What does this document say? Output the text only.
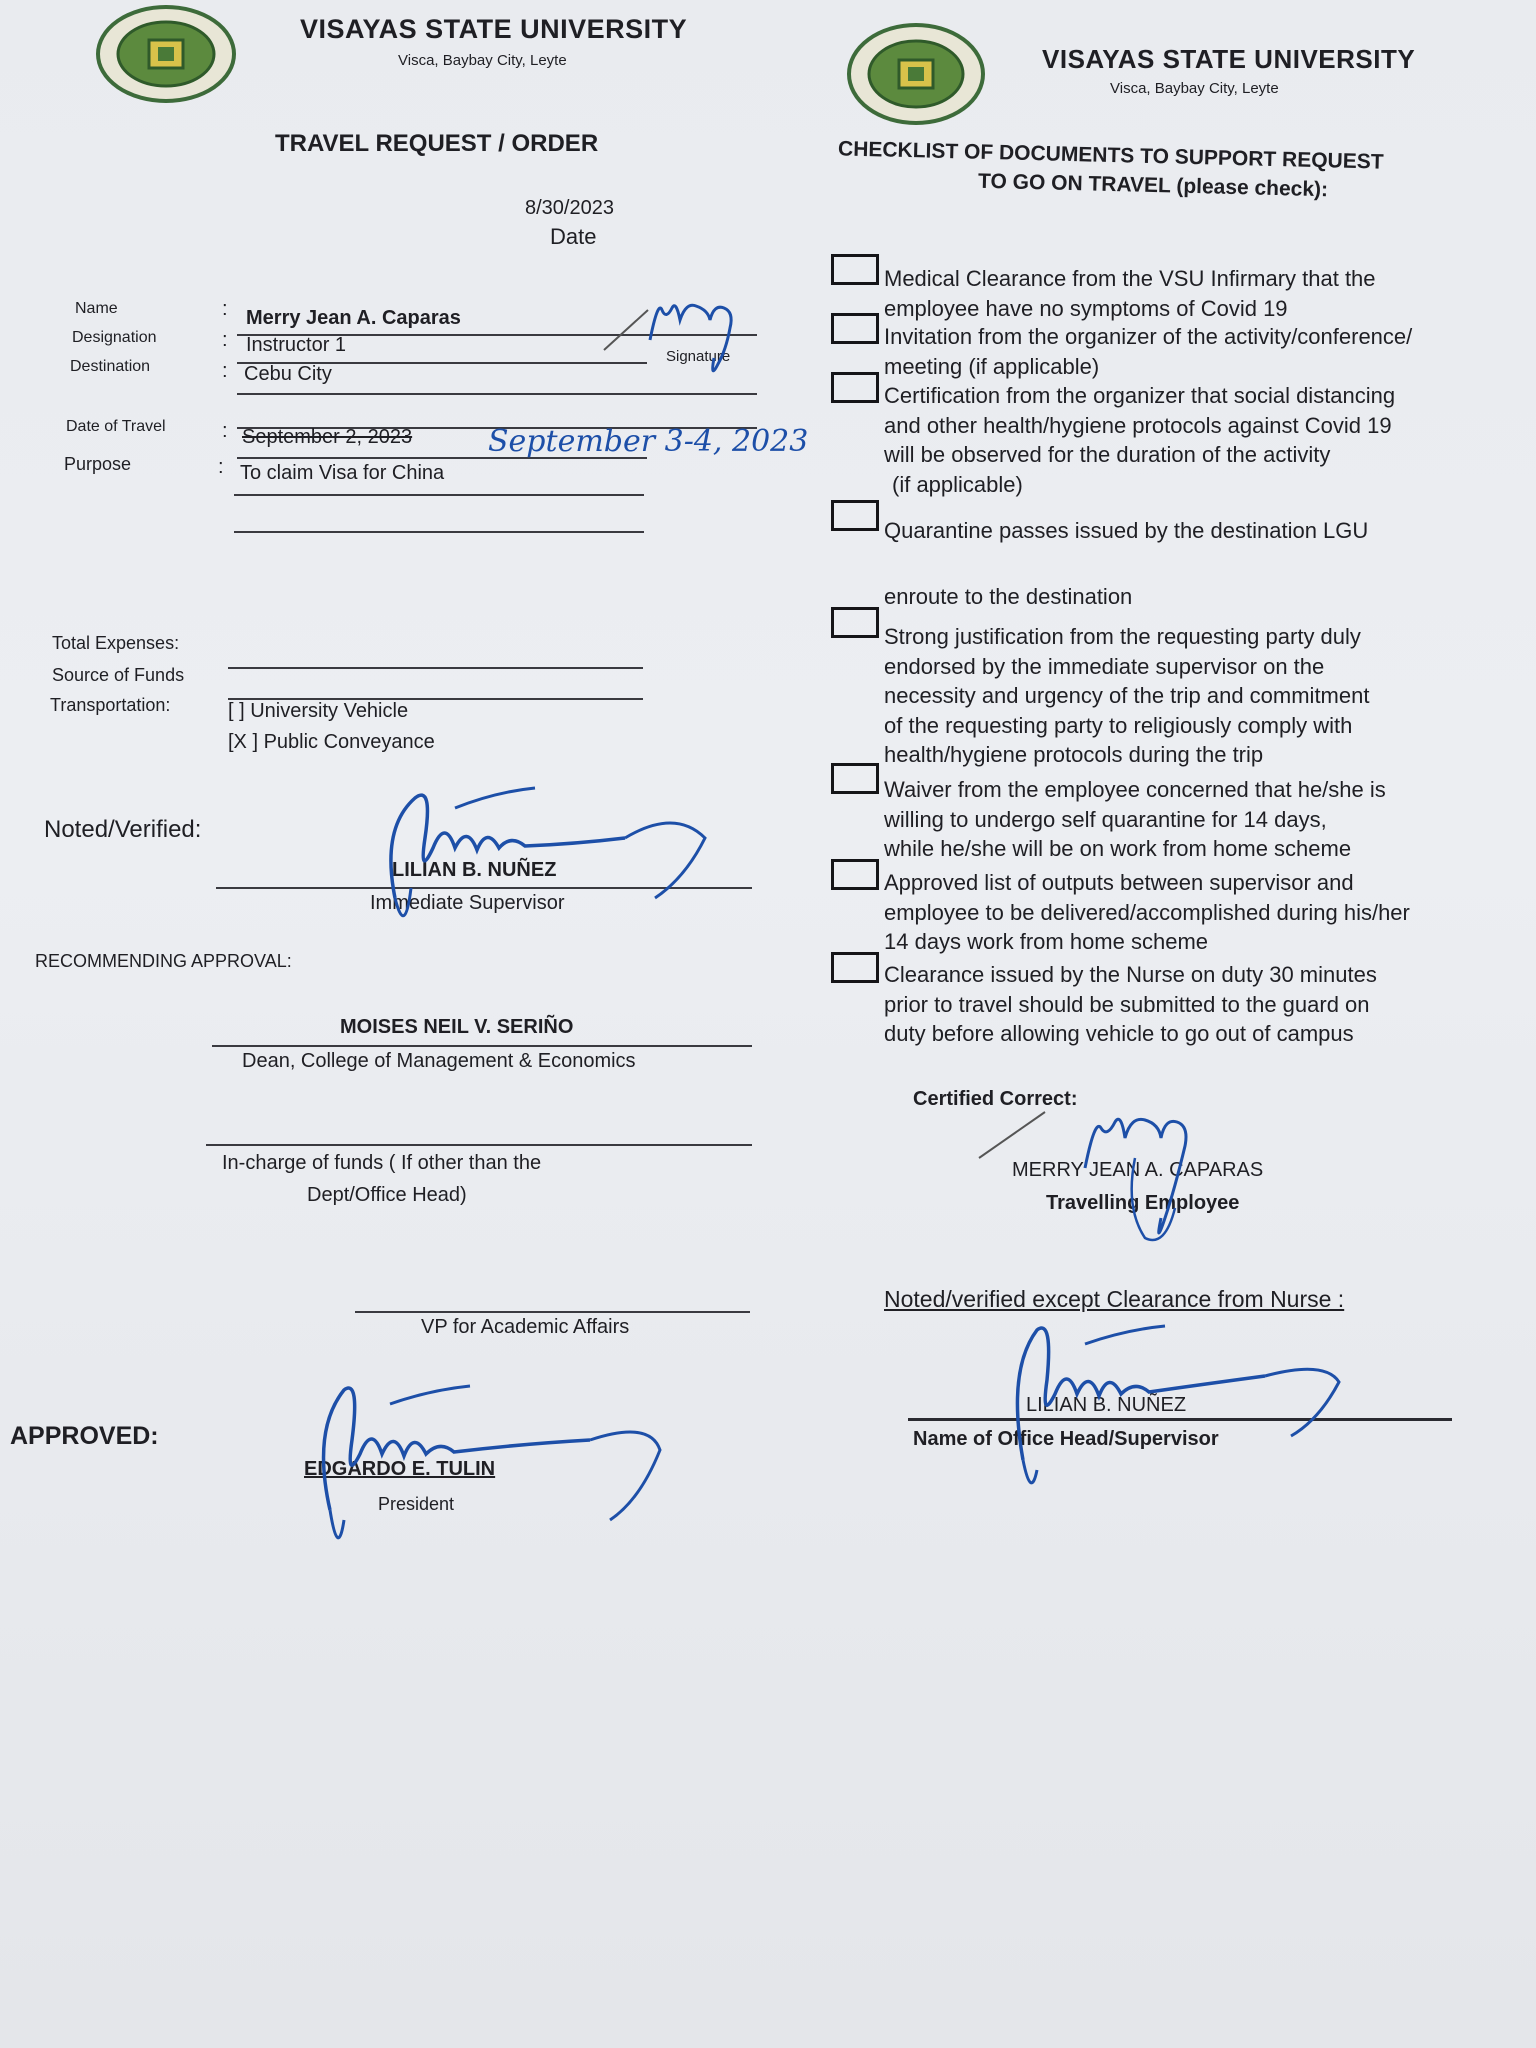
VISAYAS STATE UNIVERSITY
Visca, Baybay City, Leyte
TRAVEL REQUEST / ORDER
8/30/2023
Date
Name	: Merry Jean A. Caparas
Designation	: Instructor 1
Destination	: Cebu City
Signature
Date of Travel	: September 2, 2023	September 3-4, 2023
Purpose	: To claim Visa for China
Total Expenses:
Source of Funds
Transportation:	[ ] University Vehicle
[X ] Public Conveyance
Noted/Verified:
LILIAN B. NUÑEZ
Immediate Supervisor
RECOMMENDING APPROVAL:
MOISES NEIL V. SERIÑO
Dean, College of Management & Economics
In-charge of funds ( If other than the
Dept/Office Head)
VP for Academic Affairs
APPROVED:
EDGARDO E. TULIN
President
VISAYAS STATE UNIVERSITY
Visca, Baybay City, Leyte
CHECKLIST OF DOCUMENTS TO SUPPORT REQUEST
TO GO ON TRAVEL (please check):
Medical Clearance from the VSU Infirmary that the
employee have no symptoms of Covid 19
Invitation from the organizer of the activity/conference/
meeting (if applicable)
Certification from the organizer that social distancing
and other health/hygiene protocols against Covid 19
will be observed for the duration of the activity
(if applicable)
Quarantine passes issued by the destination LGU
enroute to the destination
Strong justification from the requesting party duly
endorsed by the immediate supervisor on the
necessity and urgency of the trip and commitment
of the requesting party to religiously comply with
health/hygiene protocols during the trip
Waiver from the employee concerned that he/she is
willing to undergo self quarantine for 14 days,
while he/she will be on work from home scheme
Approved list of outputs between supervisor and
employee to be delivered/accomplished during his/her
14 days work from home scheme
Clearance issued by the Nurse on duty 30 minutes
prior to travel should be submitted to the guard on
duty before allowing vehicle to go out of campus
Certified Correct:
MERRY JEAN A. CAPARAS
Travelling Employee
Noted/verified except Clearance from Nurse :
LILIAN B. NUÑEZ
Name of Office Head/Supervisor
